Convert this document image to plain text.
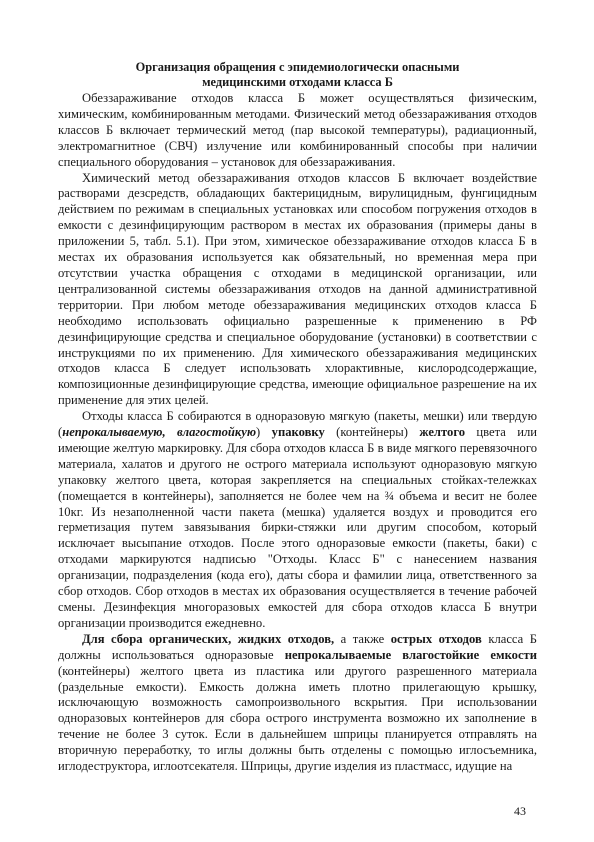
Организация обращения с эпидемиологически опасными
медицинскими отходами класса Б

Обеззараживание отходов класса Б может осуществляться физическим, химическим, комбинированным методами. Физический метод обеззараживания отходов классов Б включает термический метод (пар высокой температуры), радиационный, электромагнитное (СВЧ) излучение или комбинированный способы при наличии специального оборудования – установок для обеззараживания.

Химический метод обеззараживания отходов классов Б включает воздействие растворами дезсредств, обладающих бактерицидным, вирулицидным, фунгицидным действием по режимам в специальных установках или способом погружения отходов в емкости с дезинфицирующим раствором в местах их образования (примеры даны в приложении 5, табл. 5.1). При этом, химическое обеззараживание отходов класса Б в местах их образования используется как обязательный, но временная мера при отсутствии участка обращения с отходами в медицинской организации, или централизованной системы обеззараживания отходов на данной административной территории. При любом методе обеззараживания медицинских отходов класса Б необходимо использовать официально разрешенные к применению в РФ дезинфицирующие средства и специальное оборудование (установки) в соответствии с инструкциями по их применению. Для химического обеззараживания медицинских отходов класса Б следует использовать хлорактивные, кислородсодержащие, композиционные дезинфицирующие средства, имеющие официальное разрешение на их применение для этих целей.

Отходы класса Б собираются в одноразовую мягкую (пакеты, мешки) или твердую (непрокалываемую, влагостойкую) упаковку (контейнеры) желтого цвета или имеющие желтую маркировку. Для сбора отходов класса Б в виде мягкого перевязочного материала, халатов и другого не острого материала используют одноразовую мягкую упаковку желтого цвета, которая закрепляется на специальных стойках-тележках (помещается в контейнеры), заполняется не более чем на ¾ объема и весит не более 10кг. Из незаполненной части пакета (мешка) удаляется воздух и проводится его герметизация путем завязывания бирки-стяжки или другим способом, который исключает высыпание отходов. После этого одноразовые емкости (пакеты, баки) с отходами маркируются надписью "Отходы. Класс Б" с нанесением названия организации, подразделения (кода его), даты сбора и фамилии лица, ответственного за сбор отходов. Сбор отходов в местах их образования осуществляется в течение рабочей смены. Дезинфекция многоразовых емкостей для сбора отходов класса Б внутри организации производится ежедневно.

Для сбора органических, жидких отходов, а также острых отходов класса Б должны использоваться одноразовые непрокалываемые влагостойкие емкости (контейнеры) желтого цвета из пластика или другого разрешенного материала (раздельные емкости). Емкость должна иметь плотно прилегающую крышку, исключающую возможность самопроизвольного вскрытия. При использовании одноразовых контейнеров для сбора острого инструмента возможно их заполнение в течение не более 3 суток. Если в дальнейшем шприцы планируется отправлять на вторичную переработку, то иглы должны быть отделены с помощью иглосъемника, иглодеструктора, иглоотсекателя. Шприцы, другие изделия из пластмасс, идущие на

43
